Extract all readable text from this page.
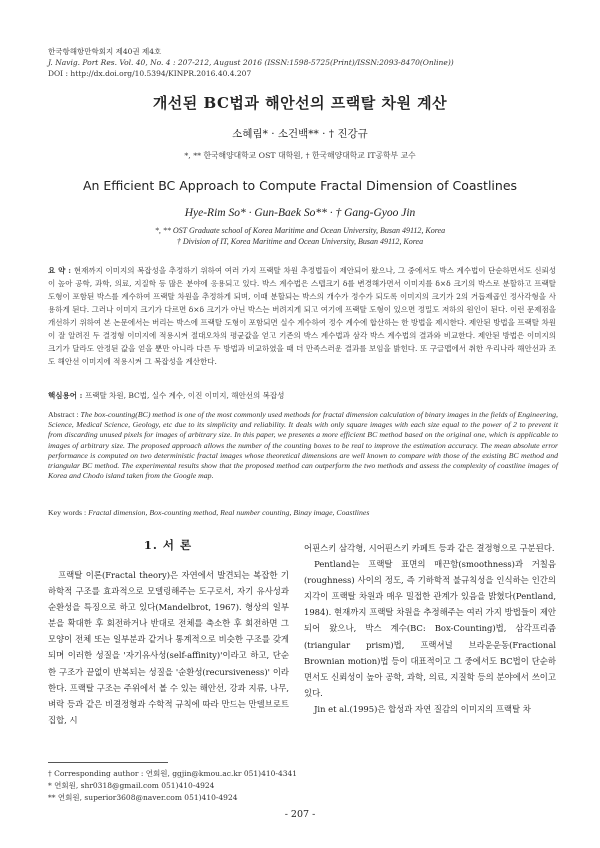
한국항해항만학회지 제40권 제4호
J. Navig. Port Res. Vol. 40, No. 4 : 207-212, August 2016 (ISSN:1598-5725(Print)/ISSN:2093-8470(Online))
DOI : http://dx.doi.org/10.5394/KINPR.2016.40.4.207
개선된 BC법과 해안선의 프랙탈 차원 계산
소혜림* · 소건백** · † 진강규
*, ** 한국해양대학교 OST 대학원, † 한국해양대학교 IT공학부 교수
An Efficient BC Approach to Compute Fractal Dimension of Coastlines
Hye-Rim So* · Gun-Baek So** · † Gang-Gyoo Jin
*, ** OST Graduate school of Korea Maritime and Ocean University, Busan 49112, Korea
† Division of IT, Korea Maritime and Ocean University, Busan 49112, Korea
요 약 : 현재까지 이미지의 복잡성을 추정하기 위하여 여러 가지 프랙탈 차원 추정법들이 제안되어 왔으나, 그 중에서도 박스 계수법이 단순하면서도 신뢰성이 높아 공학, 과학, 의료, 지질학 등 많은 분야에 응용되고 있다. 박스 계수법은 스텝크기 δ를 변경해가면서 이미지를 δ×δ 크기의 박스로 분할하고 프랙탈 도형이 포함된 박스를 계수하여 프랙탈 차원을 추정하게 되며, 이때 분할되는 박스의 개수가 정수가 되도록 이미지의 크기가 2의 거듭제곱인 정사각형을 사용하게 된다. 그러나 이미지 크기가 다르면 δ×δ 크기가 아닌 박스는 버려지게 되고 여기에 프랙탈 도형이 있으면 정밀도 저하의 원인이 된다. 이런 문제점을 개선하기 위하여 본 논문에서는 버리는 박스에 프랙탈 도형이 포함되면 실수 계수하여 정수 계수에 합산하는 한 방법을 제시한다. 제안된 방법을 프랙탈 차원이 잘 알려진 두 결정형 이미지에 적용시켜 절대오차의 평균값을 얻고 기존의 박스 계수법과 삼각 박스 계수법의 결과와 비교한다. 제안된 방법은 이미지의 크기가 달라도 안정된 값을 얻을 뿐만 아니라 다른 두 방법과 비교하였을 때 더 만족스러운 결과를 보임을 밝힌다. 또 구글맵에서 취한 우리나라 해안선과 조도 해안선 이미지에 적용시켜 그 복잡성을 계산한다.
핵심용어 : 프랙탈 차원, BC법, 실수 계수, 이진 이미지, 해안선의 복잡성
Abstract : The box-counting(BC) method is one of the most commonly used methods for fractal dimension calculation of binary images in the fields of Engineering, Science, Medical Science, Geology, etc due to its simplicity and reliability. It deals with only square images with each size equal to the power of 2 to prevent it from discarding unused pixels for images of arbitrary size. In this paper, we presents a more efficient BC method based on the original one, which is applicable to images of arbitrary size. The proposed approach allows the number of the counting boxes to be real to improve the estimation accuracy. The mean absolute error performance is computed on two deterministic fractal images whose theoretical dimensions are well known to compare with those of the existing BC method and triangular BC method. The experimental results show that the proposed method can outperform the two methods and assess the complexity of coastline images of Korea and Chodo island taken from the Google map.
Key words : Fractal dimension, Box-counting method, Real number counting, Binay image, Coastlines
1. 서 론

프랙탈 이론(Fractal theory)은 자연에서 발견되는 복잡한 기하학적 구조를 효과적으로 모델링해주는 도구로서, 자기 유사성과 순환성을 특징으로 하고 있다(Mandelbrot, 1967). 형상의 일부분을 확대한 후 회전하거나 반대로 전체를 축소한 후 회전하면 그 모양이 전체 또는 일부분과 같거나 통계적으로 비슷한 구조를 갖게 되며 이러한 성질을 '자기유사성(self-affinity)'이라고 하고, 단순한 구조가 끝없이 반복되는 성질을 '순환성(recursiveness)' 이라 한다. 프랙탈 구조는 주위에서 볼 수 있는 해안선, 강과 지류, 나무, 벼락 등과 같은 비결정형과 수학적 규칙에 따라 만드는 만델브로트 집합, 시

어핀스키 삼각형, 시어핀스키 카페트 등과 같은 결정형으로 구분된다.

Pentland는 프랙탈 표면의 매끈함(smoothness)과 거칠음(roughness) 사이의 정도, 즉 기하학적 불규칙성을 인식하는 인간의 지각이 프랙탈 차원과 매우 밀접한 관계가 있음을 밝혔다(Pentland, 1984). 현재까지 프랙탈 차원을 추정해주는 여러 가지 방법들이 제안되어 왔으나, 박스 계수(BC: Box-Counting)법, 삼각프리즘(triangular prism)법, 프랙셔널 브라운운동(Fractional Brownian motion)법 등이 대표적이고 그 중에서도 BC법이 단순하면서도 신뢰성이 높아 공학, 과학, 의료, 지질학 등의 분야에서 쓰이고 있다.

Jin et al.(1995)은 합성과 자연 질감의 이미지의 프랙탈 차

† Corresponding author : 연회원, ggjin@kmou.ac.kr 051)410-4341
* 연회원, shr0318@gmail.com 051)410-4924
** 연회원, superior3608@naver.com 051)410-4924
- 207 -
